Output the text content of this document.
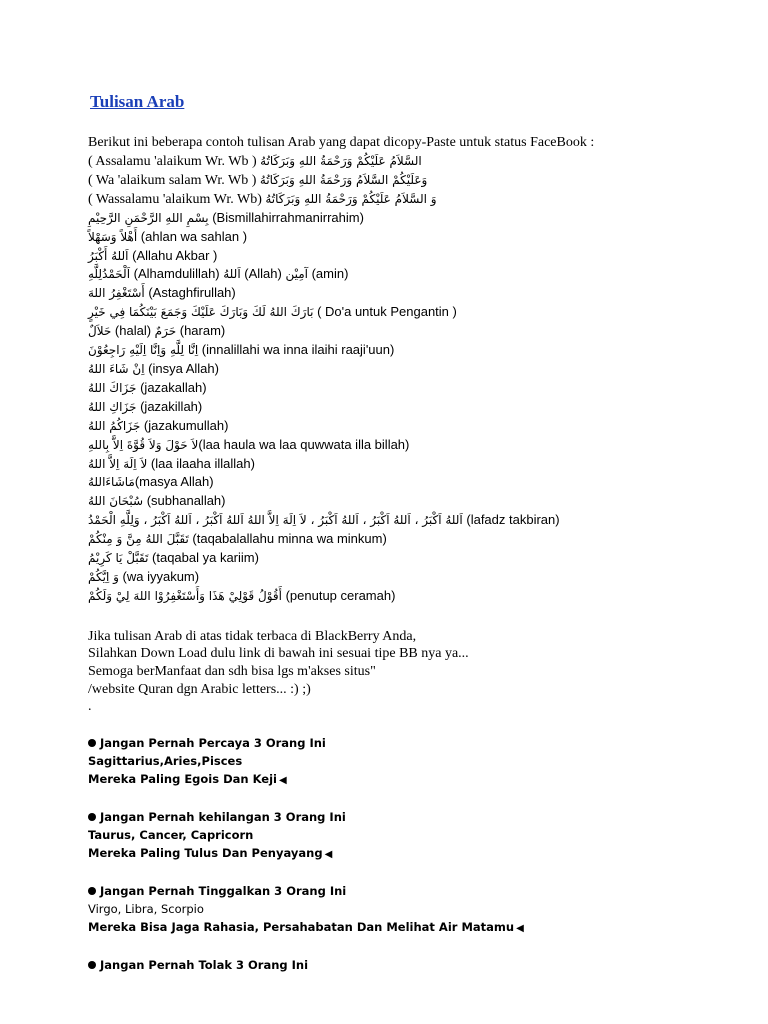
Tulisan Arab
Berikut ini beberapa contoh tulisan Arab yang dapat dicopy-Paste untuk status FaceBook :
( Assalamu 'alaikum Wr. Wb ) السَّلاَمُ عَلَيْكُمْ وَرَحْمَةُ اللهِ وَبَرَكَاتُهُ
( Wa 'alaikum salam Wr. Wb ) وَعَلَيْكُمْ السَّلاَمُ وَرَحْمَةُ اللهِ وَبَرَكَاتُهُ
( Wassalamu 'alaikum Wr. Wb) وَ السَّلاَمُ عَلَيْكُمْ وَرَحْمَةُ اللهِ وَبَرَكَاتُهُ
بِسْمِ اللهِ الرَّحْمَنِ الرَّحِيْمِ (Bismillahirrahmanirrahim)
أَهْلاً وَسَهْلاً (ahlan wa sahlan )
اَللهُ أَكْبَرُ (Allahu Akbar )
اَلْحَمْدُلِلَّهِ (Alhamdulillah) اَللهُ (Allah) آمِيْن (amin)
أَسْتَغْفِرُ اللهَ (Astaghfirullah)
بَارَكَ اللهُ لَكَ وَبَارَكَ عَلَيْكَ وَجَمَعَ بَيْنَكُمَا فِي خَيْرٍ ( Do'a untuk Pengantin )
حَلاَلٌ (halal) حَرَمٌ (haram)
اِنَّا لِلَّهِ وَاِنَّا اِلَيْهِ رَاجِعُوْنَ (innalillahi wa inna ilaihi raaji'uun)
اِنْ شَاءَ اللهُ (insya Allah)
جَزَاكَ اللهُ (jazakallah)
جَزَاكِ اللهُ (jazakillah)
جَزَاكُمُ اللهُ (jazakumullah)
لاَ حَوْلَ وَلاَ قُوَّةَ اِلاَّ بِاللهِ(laa haula wa laa quwwata illa billah)
لاَ اِلَهَ اِلاَّ اللهُ (laa ilaaha illallah)
مَاشَاءَاللهُ(masya Allah)
سُبْحَانَ اللهُ (subhanallah)
اَللهُ اَكْبَرُ ، اَللهُ اَكْبَرُ ، اَللهُ اَكْبَرُ ، لاَ اِلَهَ اِلاَّ اللهُ اَللهُ اَكْبَرُ ، اَللهُ اَكْبَرُ ، وَلِلَّهِ الْحَمْدُ (lafadz takbiran)
تَقَبَّلَ اللهُ مِنَّ وَ مِنْكُمْ (taqabalallahu minna wa minkum)
تَقَبَّلْ يَا كَرِيْمُ (taqabal ya kariim)
وَ اِيَّكُمْ (wa iyyakum)
أَقُوْلُ قَوْلِيْ هَذَا وَأَسْتَغْفِرُوْا اللهَ لِيْ وَلَكُمْ (penutup ceramah)
Jika tulisan Arab di atas tidak terbaca di BlackBerry Anda,
Silahkan Down Load dulu link di bawah ini sesuai tipe BB nya ya...
Semoga berManfaat dan sdh bisa lgs m'akses situs"
/website Quran dgn Arabic letters... :) ;)
.
Jangan Pernah Percaya 3 Orang Ini
Sagittarius,Aries,Pisces
Mereka Paling Egois Dan Keji ◀
Jangan Pernah kehilangan 3 Orang Ini
Taurus, Cancer, Capricorn
Mereka Paling Tulus Dan Penyayang ◀
Jangan Pernah Tinggalkan 3 Orang Ini
Virgo, Libra, Scorpio
Mereka Bisa Jaga Rahasia, Persahabatan Dan Melihat Air Matamu ◀
Jangan Pernah Tolak 3 Orang Ini
